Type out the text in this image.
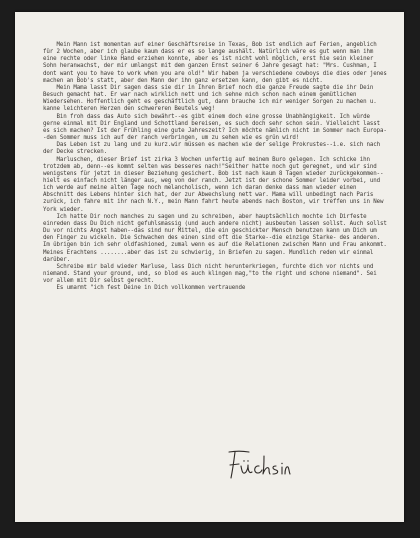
Mein Mann ist momentan auf einer Geschäftsreise in Texas, Bob ist endlich auf Ferien, angeblich für 2 Wochen, aber ich glaube kaum dass er es so lange aushält. Natürlich wäre es gut wenn man ihm eine rechte oder linke Hand erziehen konnte, aber es ist nicht wohl möglich, erst hie sein kleiner Sohn heranwachst, der mir umlangst mit dem ganzen Ernst seiner 6 Jahre gesagt hat: "Mrs. Cushman, I dont want you to have to work when you are old!" Wir haben ja verschiedene cowboys die dies oder jenes machen an Bob's statt, aber den Mann der ihn ganz ersetzen kann, den gibt es nicht.

Mein Mama lasst Dir sagen dass sie dir in Ihren Brief noch die ganze Freude sagte die ihr Dein Besuch gemacht hat. Er war nach wirklich nett und ich sehne mich schon nach einem gemütlichen Wiedersehen. Hoffentlich geht es geschäftlich gut, dann brauche ich mir weniger Sorgen zu machen u. kanne leichteren Herzen den schwereren Beutels weg!

Bin froh dass das Auto sich bewährt--es gibt einem doch eine grosse Unabhängigkeit. Ich würde gerne einmal mit Dir England und Schottland bereisen, es such doch sehr schon sein. Vielleicht lasst es sich machen? Ist der Frühling eine gute Jahreszeit? Ich möchte nämlich nicht im Sommer nach Europa--den Sommer muss ich auf der ranch verbringen, um zu sehen wie es grün wird!

Das Leben ist zu lang und zu kurz.wir müssen es machen wie der selige Prokrustes--i.e. sich nach der Decke strecken.

Marluschen, dieser Brief ist zirka 3 Wochen unfertig auf meinem Buro gelegen. Ich schicke ihn trotzdem ab, denn--es kommt selten was besseres nach!"Seither hatte noch gut geregnet, und wir sind wenigstens für jetzt in dieser Beziehung gesichert. Bob ist nach kaum 8 Tagen wieder zurückgekommen--hielt es einfach nicht länger aus, weg von der ranch. Jetzt ist der schone Sommer leider vorbei, und ich werde auf meine alten Tage noch melancholisch, wenn ich daran denke dass man wieder einen Abschnitt des Lebens hinter sich hat, der zur Abwechslung nett war. Mama will unbedingt nach Paris zurück, ich fahre mit ihr nach N.Y., mein Mann fahrt heute abends nach Boston, wir treffen uns in New York wieder.

Ich hatte Dir noch manches zu sagen und zu schreiben, aber hauptsächlich mochte ich Dirfeste einreden dass Du Dich nicht gefuhlsmassig (und auch andere nicht) ausbeuten lassen sollst. Auch sollst Du vor nichts Angst haben--das sind nur Mittel, die ein geschickter Mensch benutzen kann um Dich um den Finger zu wickeln. Die Schwachen des einen sind oft die Starke--die einzige Starke- des anderen. Im übrigen bin ich sehr oldfashioned, zumal wenn es auf die Relationen zwischen Mann und Frau ankommt. Meines Erachtens ........aber das ist zu schwierig, in Briefen zu sagen. Mundlich reden wir einmal darüber.

Schreibe mir bald wieder Marluse, lass Dich nicht herunterkriegen, furchte dich vor nichts und niemand. Stand your ground, und, so blod es auch klingen mag,"to the right und schone niemand". Sei vor allem mit Dir selbst gerecht.

Es umarmt "ich fest Deine in Dich vollkommen vertrauende
